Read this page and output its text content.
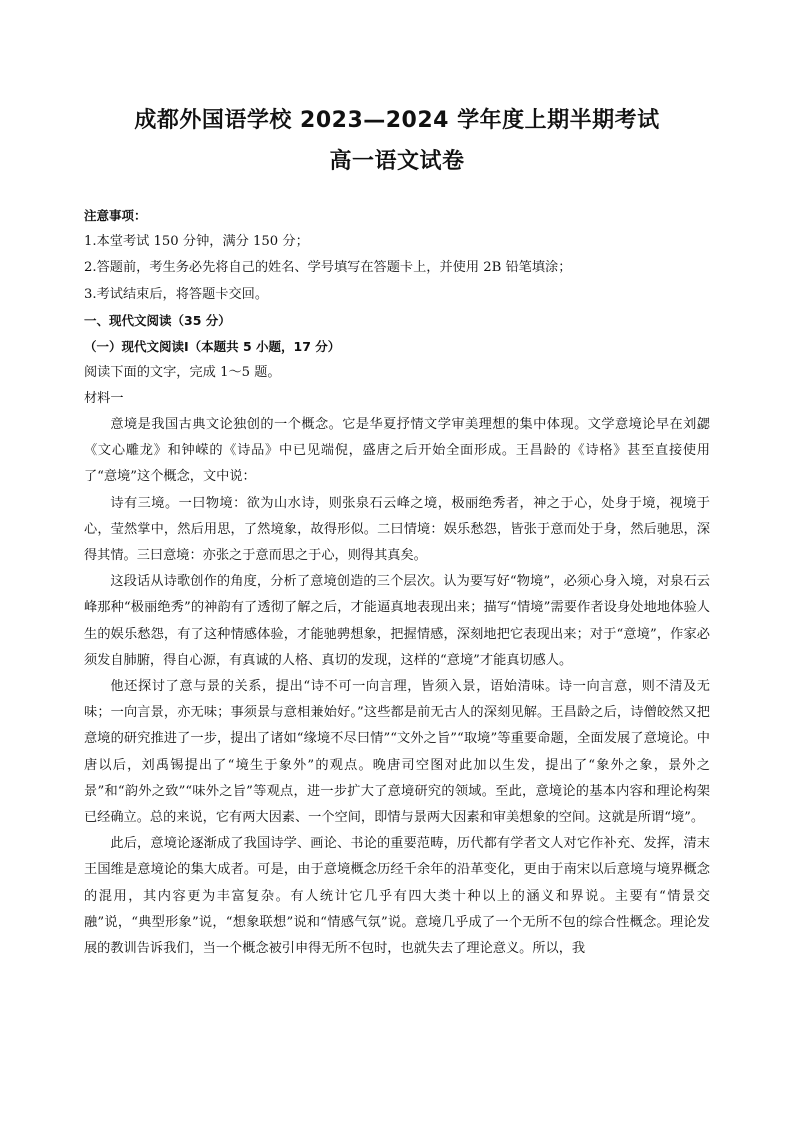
成都外国语学校 2023—2024 学年度上期半期考试
高一语文试卷
注意事项：
1.本堂考试 150 分钟，满分 150 分；
2.答题前，考生务必先将自己的姓名、学号填写在答题卡上，并使用 2B 铅笔填涂；
3.考试结束后，将答题卡交回。
一、现代文阅读（35 分）
（一）现代文阅读Ⅰ（本题共 5 小题，17 分）
阅读下面的文字，完成 1～5 题。
材料一

意境是我国古典文论独创的一个概念。它是华夏抒情文学审美理想的集中体现。文学意境论早在刘勰《文心雕龙》和钟嵘的《诗品》中已见端倪，盛唐之后开始全面形成。王昌龄的《诗格》甚至直接使用了“意境”这个概念，文中说：

诗有三境。一曰物境：欲为山水诗，则张泉石云峰之境，极丽绝秀者，神之于心，处身于境，视境于心，莹然掌中，然后用思，了然境象，故得形似。二曰情境：娱乐愁怨，皆张于意而处于身，然后驰思，深得其情。三曰意境：亦张之于意而思之于心，则得其真矣。

这段话从诗歌创作的角度，分析了意境创造的三个层次。认为要写好“物境”，必须心身入境，对泉石云峰那种“极丽绝秀”的神韵有了透彻了解之后，才能逼真地表现出来；描写“情境”需要作者设身处地地体验人生的娱乐愁怨，有了这种情感体验，才能驰骋想象，把握情感，深刻地把它表现出来；对于“意境”，作家必须发自肺腑，得自心源，有真诚的人格、真切的发现，这样的“意境”才能真切感人。

他还探讨了意与景的关系，提出“诗不可一向言理，皆须入景，语始清味。诗一向言意，则不清及无味；一向言景，亦无味；事须景与意相兼始好。”这些都是前无古人的深刻见解。王昌龄之后，诗僧皎然又把意境的研究推进了一步，提出了诸如“缘境不尽曰情”“文外之旨”“取境”等重要命题，全面发展了意境论。中唐以后，刘禹锡提出了“境生于象外”的观点。晚唐司空图对此加以生发，提出了“象外之象，景外之景”和“韵外之致”“味外之旨”等观点，进一步扩大了意境研究的领域。至此，意境论的基本内容和理论构架已经确立。总的来说，它有两大因素、一个空间，即情与景两大因素和审美想象的空间。这就是所谓“境”。

此后，意境论逐渐成了我国诗学、画论、书论的重要范畴，历代都有学者文人对它作补充、发挥，清末王国维是意境论的集大成者。可是，由于意境概念历经千余年的沿革变化，更由于南宋以后意境与境界概念的混用，其内容更为丰富复杂。有人统计它几乎有四大类十种以上的涵义和界说。主要有“情景交融”说，“典型形象”说，“想象联想”说和“情感气氛”说。意境几乎成了一个无所不包的综合性概念。理论发展的教训告诉我们，当一个概念被引申得无所不包时，也就失去了理论意义。所以，我
